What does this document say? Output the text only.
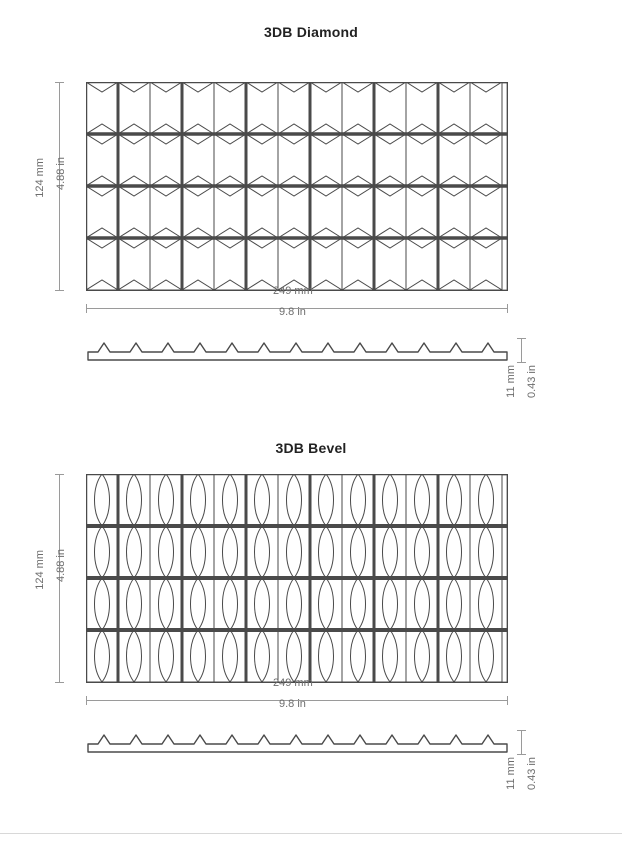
3DB Diamond
124 mm 4.88 in
249 mm
9.8 in
11 mm 0.43 in
3DB Bevel
124 mm 4.88 in
249 mm
9.8 in
11 mm 0.43 in
